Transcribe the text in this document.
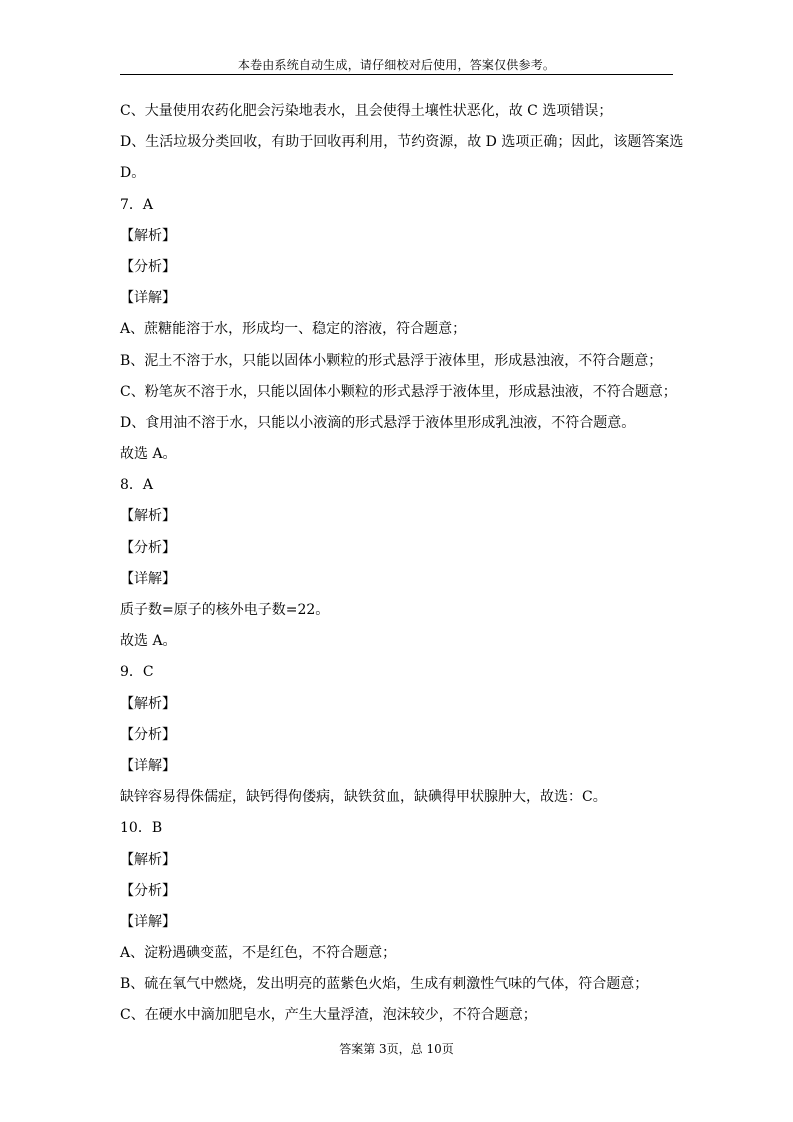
本卷由系统自动生成，请仔细校对后使用，答案仅供参考。
C、大量使用农药化肥会污染地表水，且会使得土壤性状恶化，故 C 选项错误；
D、生活垃圾分类回收，有助于回收再利用，节约资源，故 D 选项正确；因此，该题答案选
D。
7．A
【解析】
【分析】
【详解】
A、蔗糖能溶于水，形成均一、稳定的溶液，符合题意；
B、泥土不溶于水，只能以固体小颗粒的形式悬浮于液体里，形成悬浊液，不符合题意；
C、粉笔灰不溶于水，只能以固体小颗粒的形式悬浮于液体里，形成悬浊液，不符合题意；
D、食用油不溶于水，只能以小液滴的形式悬浮于液体里形成乳浊液，不符合题意。
故选 A。
8．A
【解析】
【分析】
【详解】
质子数=原子的核外电子数=22。
故选 A。
9．C
【解析】
【分析】
【详解】
缺锌容易得侏儒症，缺钙得佝偻病，缺铁贫血，缺碘得甲状腺肿大，故选：C。
10．B
【解析】
【分析】
【详解】
A、淀粉遇碘变蓝，不是红色，不符合题意；
B、硫在氧气中燃烧，发出明亮的蓝紫色火焰，生成有刺激性气味的气体，符合题意；
C、在硬水中滴加肥皂水，产生大量浮渣，泡沫较少，不符合题意；
答案第 3页，总 10页
